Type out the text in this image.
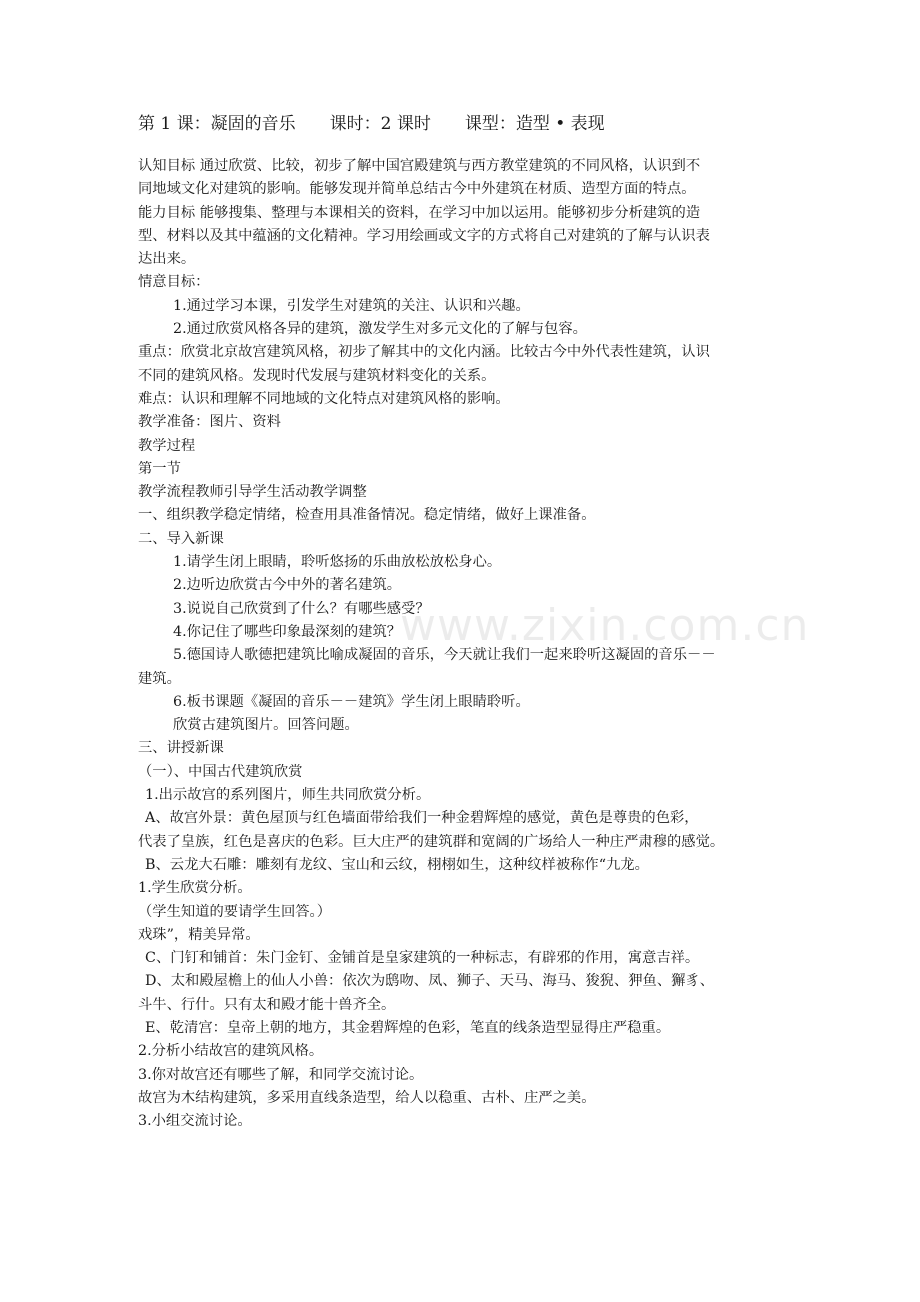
www.zixin.com.cn
第 1 课：凝固的音乐　　课时：2 课时　　课型：造型 • 表现
认知目标 通过欣赏、比较，初步了解中国宫殿建筑与西方教堂建筑的不同风格，认识到不
同地域文化对建筑的影响。能够发现并简单总结古今中外建筑在材质、造型方面的特点。
能力目标 能够搜集、整理与本课相关的资料，在学习中加以运用。能够初步分析建筑的造
型、材料以及其中蕴涵的文化精神。学习用绘画或文字的方式将自己对建筑的了解与认识表
达出来。
情意目标：
1.通过学习本课，引发学生对建筑的关注、认识和兴趣。
2.通过欣赏风格各异的建筑，激发学生对多元文化的了解与包容。
重点：欣赏北京故宫建筑风格，初步了解其中的文化内涵。比较古今中外代表性建筑，认识
不同的建筑风格。发现时代发展与建筑材料变化的关系。
难点：认识和理解不同地域的文化特点对建筑风格的影响。
教学准备：图片、资料
教学过程
第一节
教学流程教师引导学生活动教学调整
一、组织教学稳定情绪，检查用具准备情况。稳定情绪，做好上课准备。
二、导入新课
1.请学生闭上眼睛，聆听悠扬的乐曲放松放松身心。
2.边听边欣赏古今中外的著名建筑。
3.说说自己欣赏到了什么？有哪些感受？
4.你记住了哪些印象最深刻的建筑？
5.德国诗人歌德把建筑比喻成凝固的音乐，今天就让我们一起来聆听这凝固的音乐－－
建筑。
6.板书课题《凝固的音乐－－建筑》学生闭上眼睛聆听。
欣赏古建筑图片。回答问题。
三、讲授新课
（一）、中国古代建筑欣赏
1.出示故宫的系列图片，师生共同欣赏分析。
A、故宫外景：黄色屋顶与红色墙面带给我们一种金碧辉煌的感觉，黄色是尊贵的色彩，
代表了皇族，红色是喜庆的色彩。巨大庄严的建筑群和宽阔的广场给人一种庄严肃穆的感觉。
B、云龙大石雕：雕刻有龙纹、宝山和云纹，栩栩如生，这种纹样被称作“九龙。
1.学生欣赏分析。
（学生知道的要请学生回答。）
戏珠”，精美异常。
C、门钉和铺首：朱门金钉、金铺首是皇家建筑的一种标志，有辟邪的作用，寓意吉祥。
D、太和殿屋檐上的仙人小兽：依次为鸱吻、凤、狮子、天马、海马、狻猊、狎鱼、獬豸、
斗牛、行什。只有太和殿才能十兽齐全。
E、乾清宫：皇帝上朝的地方，其金碧辉煌的色彩，笔直的线条造型显得庄严稳重。
2.分析小结故宫的建筑风格。
3.你对故宫还有哪些了解，和同学交流讨论。
故宫为木结构建筑，多采用直线条造型，给人以稳重、古朴、庄严之美。
3.小组交流讨论。
